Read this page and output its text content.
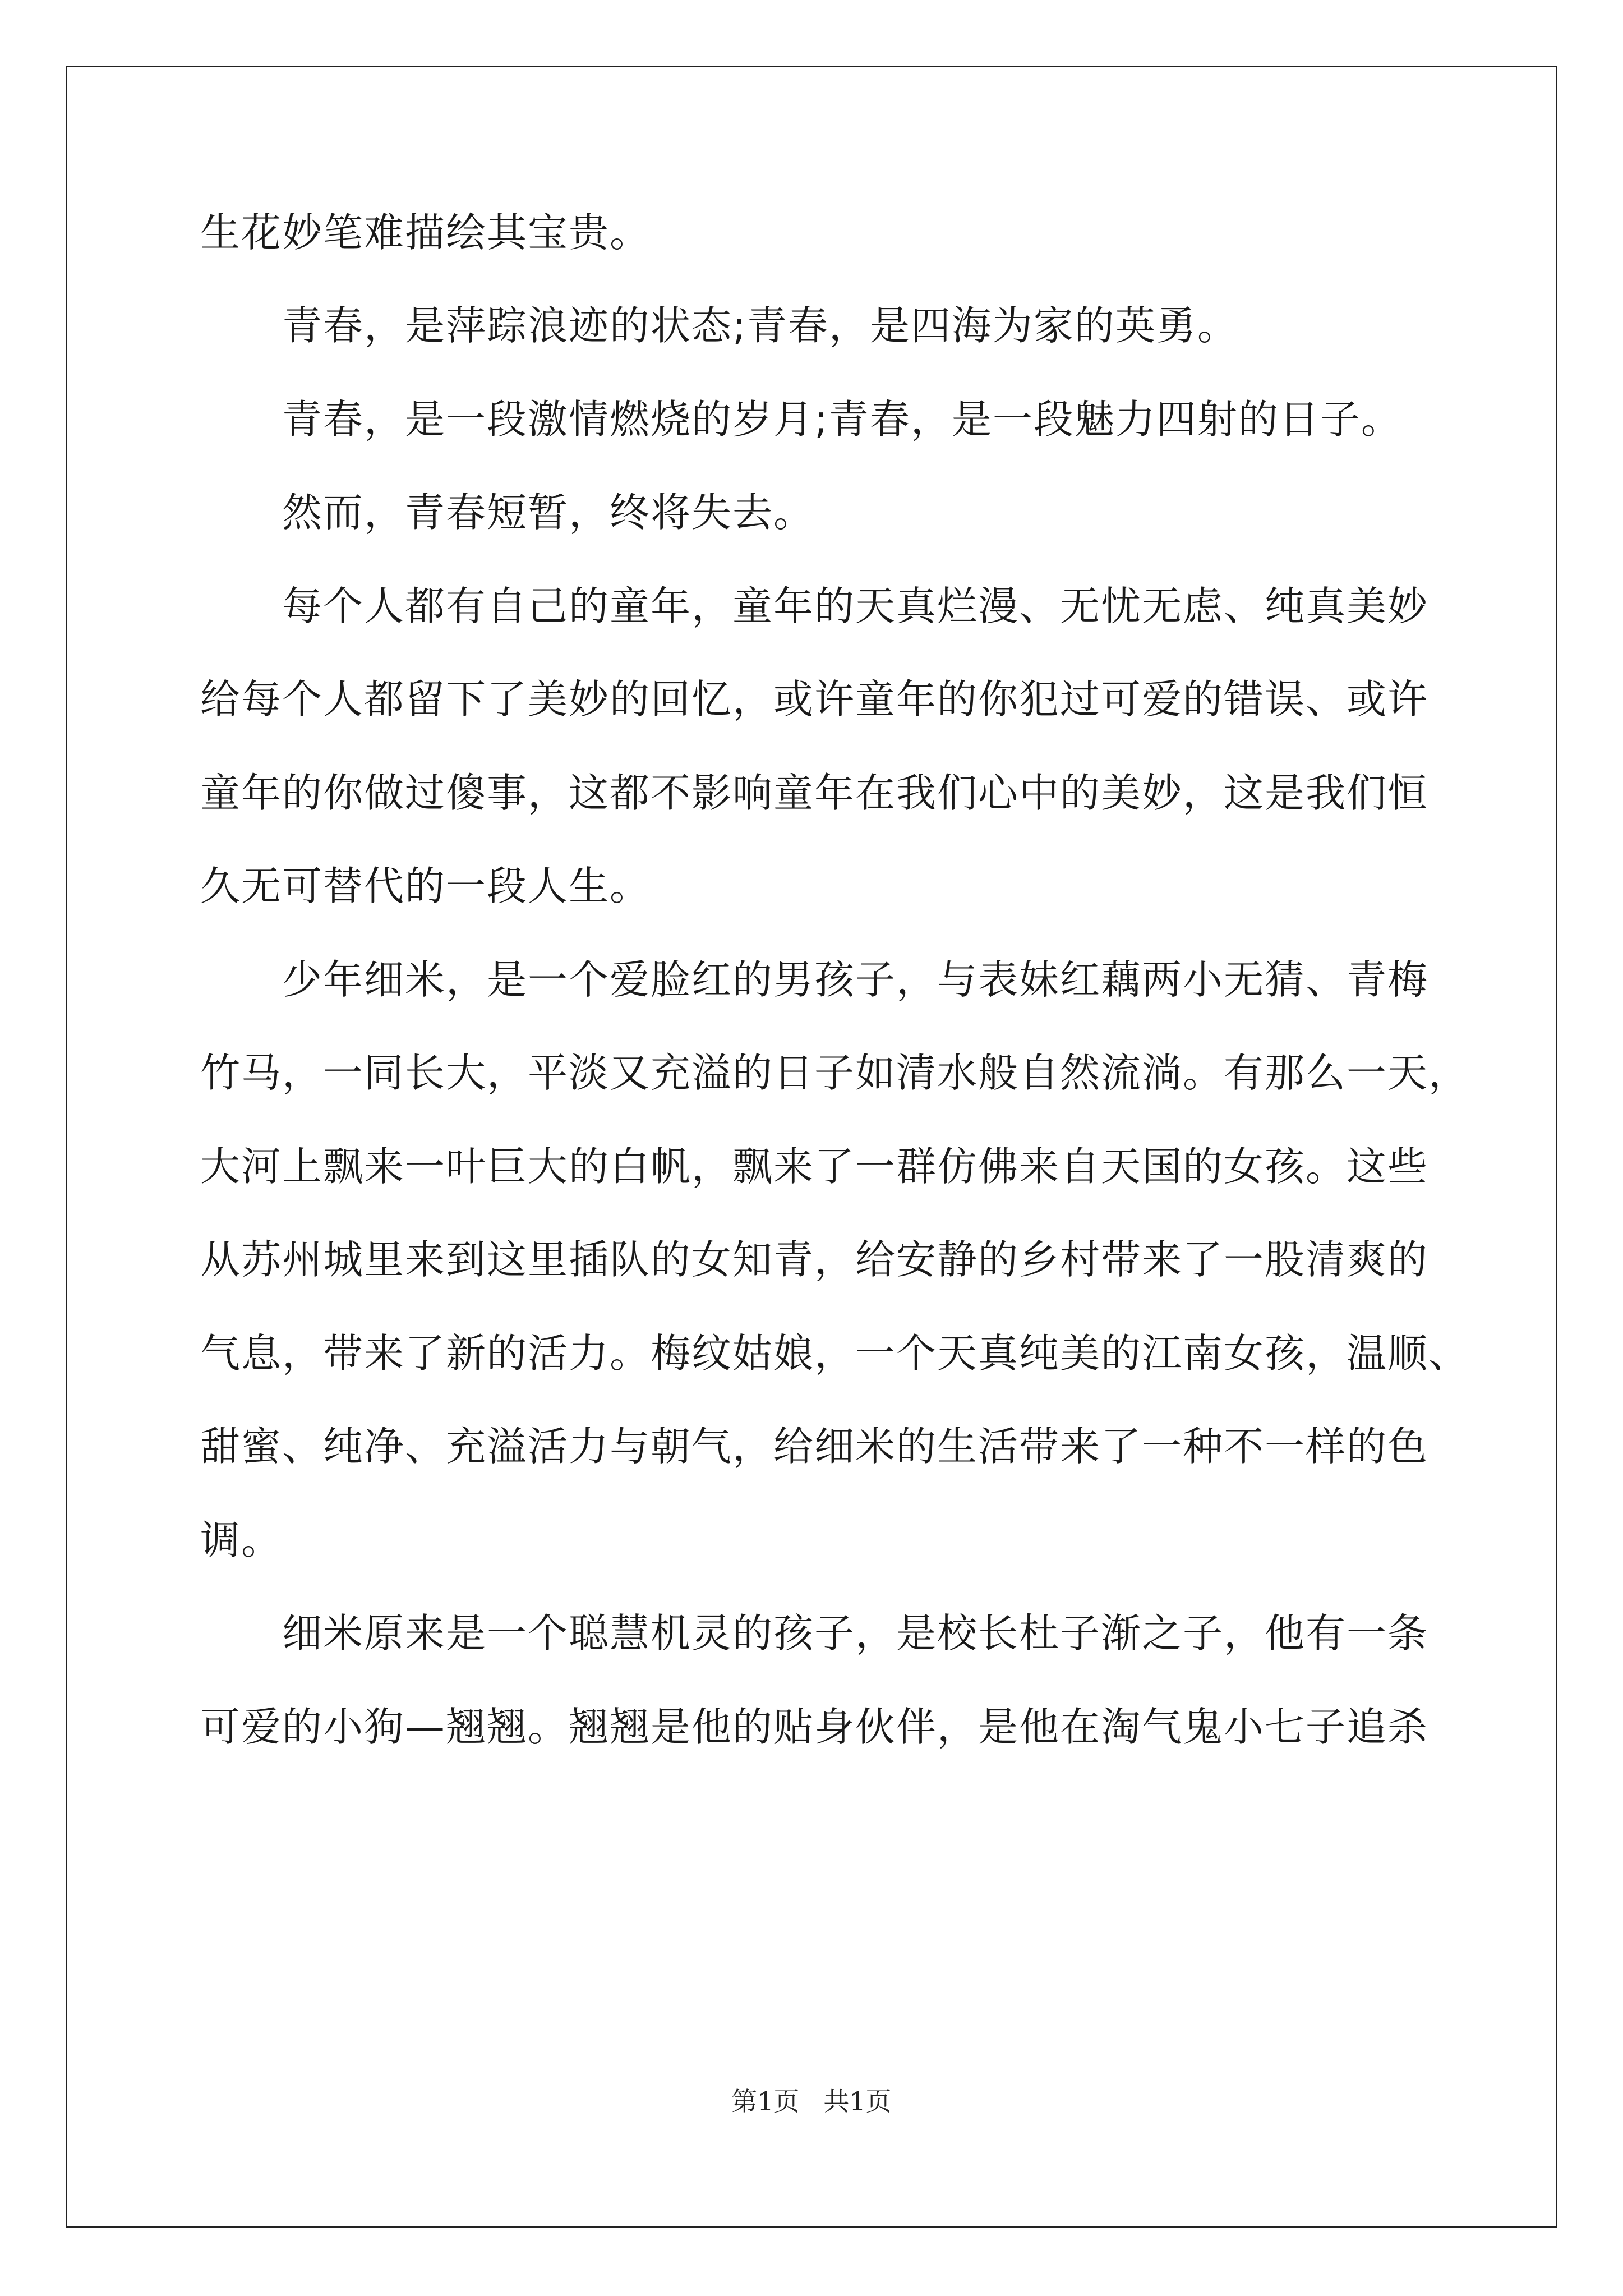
生花妙笔难描绘其宝贵。
　　青春，是萍踪浪迹的状态;青春，是四海为家的英勇。
　　青春，是一段激情燃烧的岁月;青春，是一段魅力四射的日子。
　　然而，青春短暂，终将失去。
　　每个人都有自己的童年，童年的天真烂漫、无忧无虑、纯真美妙
给每个人都留下了美妙的回忆，或许童年的你犯过可爱的错误、或许
童年的你做过傻事，这都不影响童年在我们心中的美妙，这是我们恒
久无可替代的一段人生。
　　少年细米，是一个爱脸红的男孩子，与表妹红藕两小无猜、青梅
竹马，一同长大，平淡又充溢的日子如清水般自然流淌。有那么一天，
大河上飘来一叶巨大的白帆，飘来了一群仿佛来自天国的女孩。这些
从苏州城里来到这里插队的女知青，给安静的乡村带来了一股清爽的
气息，带来了新的活力。梅纹姑娘，一个天真纯美的江南女孩，温顺、
甜蜜、纯净、充溢活力与朝气，给细米的生活带来了一种不一样的色
调。
　　细米原来是一个聪慧机灵的孩子，是校长杜子渐之子，他有一条
可爱的小狗—翘翘。翘翘是他的贴身伙伴，是他在淘气鬼小七子追杀
第1页 共1页
